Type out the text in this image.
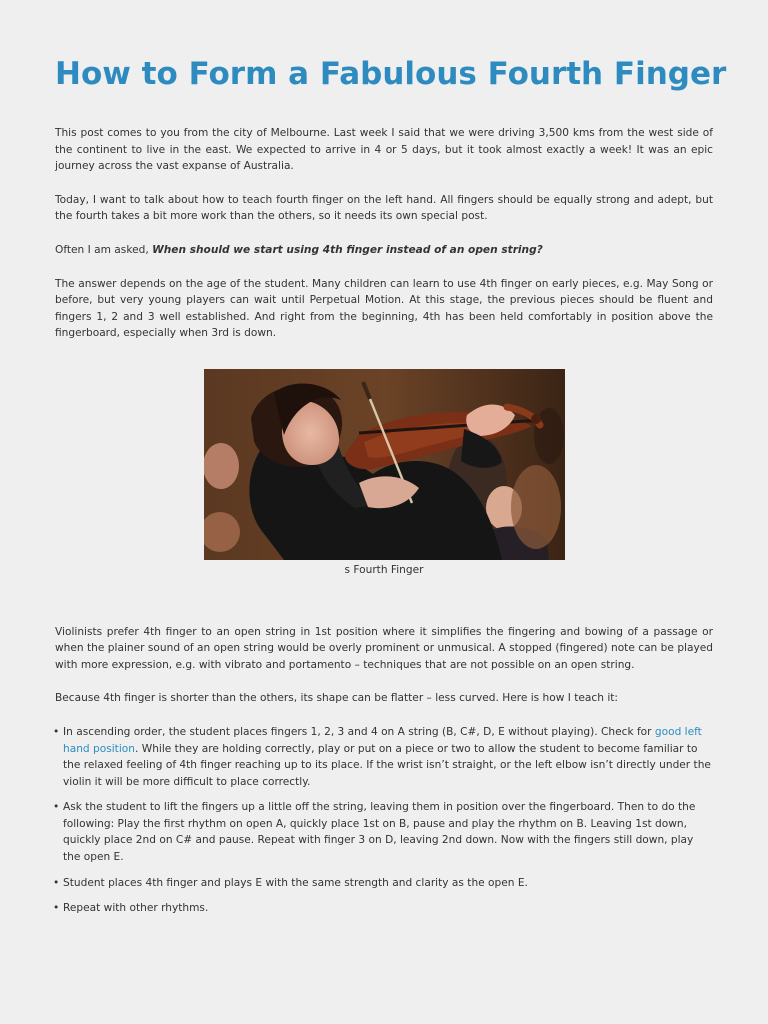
How to Form a Fabulous Fourth Finger

This post comes to you from the city of Melbourne. Last week I said that we were driving 3,500 kms from the west side of the continent to live in the east. We expected to arrive in 4 or 5 days, but it took almost exactly a week! It was an epic journey across the vast expanse of Australia.

Today, I want to talk about how to teach fourth finger on the left hand. All fingers should be equally strong and adept, but the fourth takes a bit more work than the others, so it needs its own special post.

Often I am asked, When should we start using 4th finger instead of an open string?

The answer depends on the age of the student. Many children can learn to use 4th finger on early pieces, e.g. May Song or before, but very young players can wait until Perpetual Motion. At this stage, the previous pieces should be fluent and fingers 1, 2 and 3 well established. And right from the beginning, 4th has been held comfortably in position above the fingerboard, especially when 3rd is down.

s Fourth Finger

Violinists prefer 4th finger to an open string in 1st position where it simplifies the fingering and bowing of a passage or when the plainer sound of an open string would be overly prominent or unmusical. A stopped (fingered) note can be played with more expression, e.g. with vibrato and portamento – techniques that are not possible on an open string.

Because 4th finger is shorter than the others, its shape can be flatter – less curved. Here is how I teach it:

• In ascending order, the student places fingers 1, 2, 3 and 4 on A string (B, C#, D, E without playing). Check for good left hand position. While they are holding correctly, play or put on a piece or two to allow the student to become familiar to the relaxed feeling of 4th finger reaching up to its place. If the wrist isn’t straight, or the left elbow isn’t directly under the violin it will be more difficult to place correctly.
• Ask the student to lift the fingers up a little off the string, leaving them in position over the fingerboard. Then to do the following: Play the first rhythm on open A, quickly place 1st on B, pause and play the rhythm on B. Leaving 1st down, quickly place 2nd on C# and pause. Repeat with finger 3 on D, leaving 2nd down. Now with the fingers still down, play the open E.
• Student places 4th finger and plays E with the same strength and clarity as the open E.
• Repeat with other rhythms.
